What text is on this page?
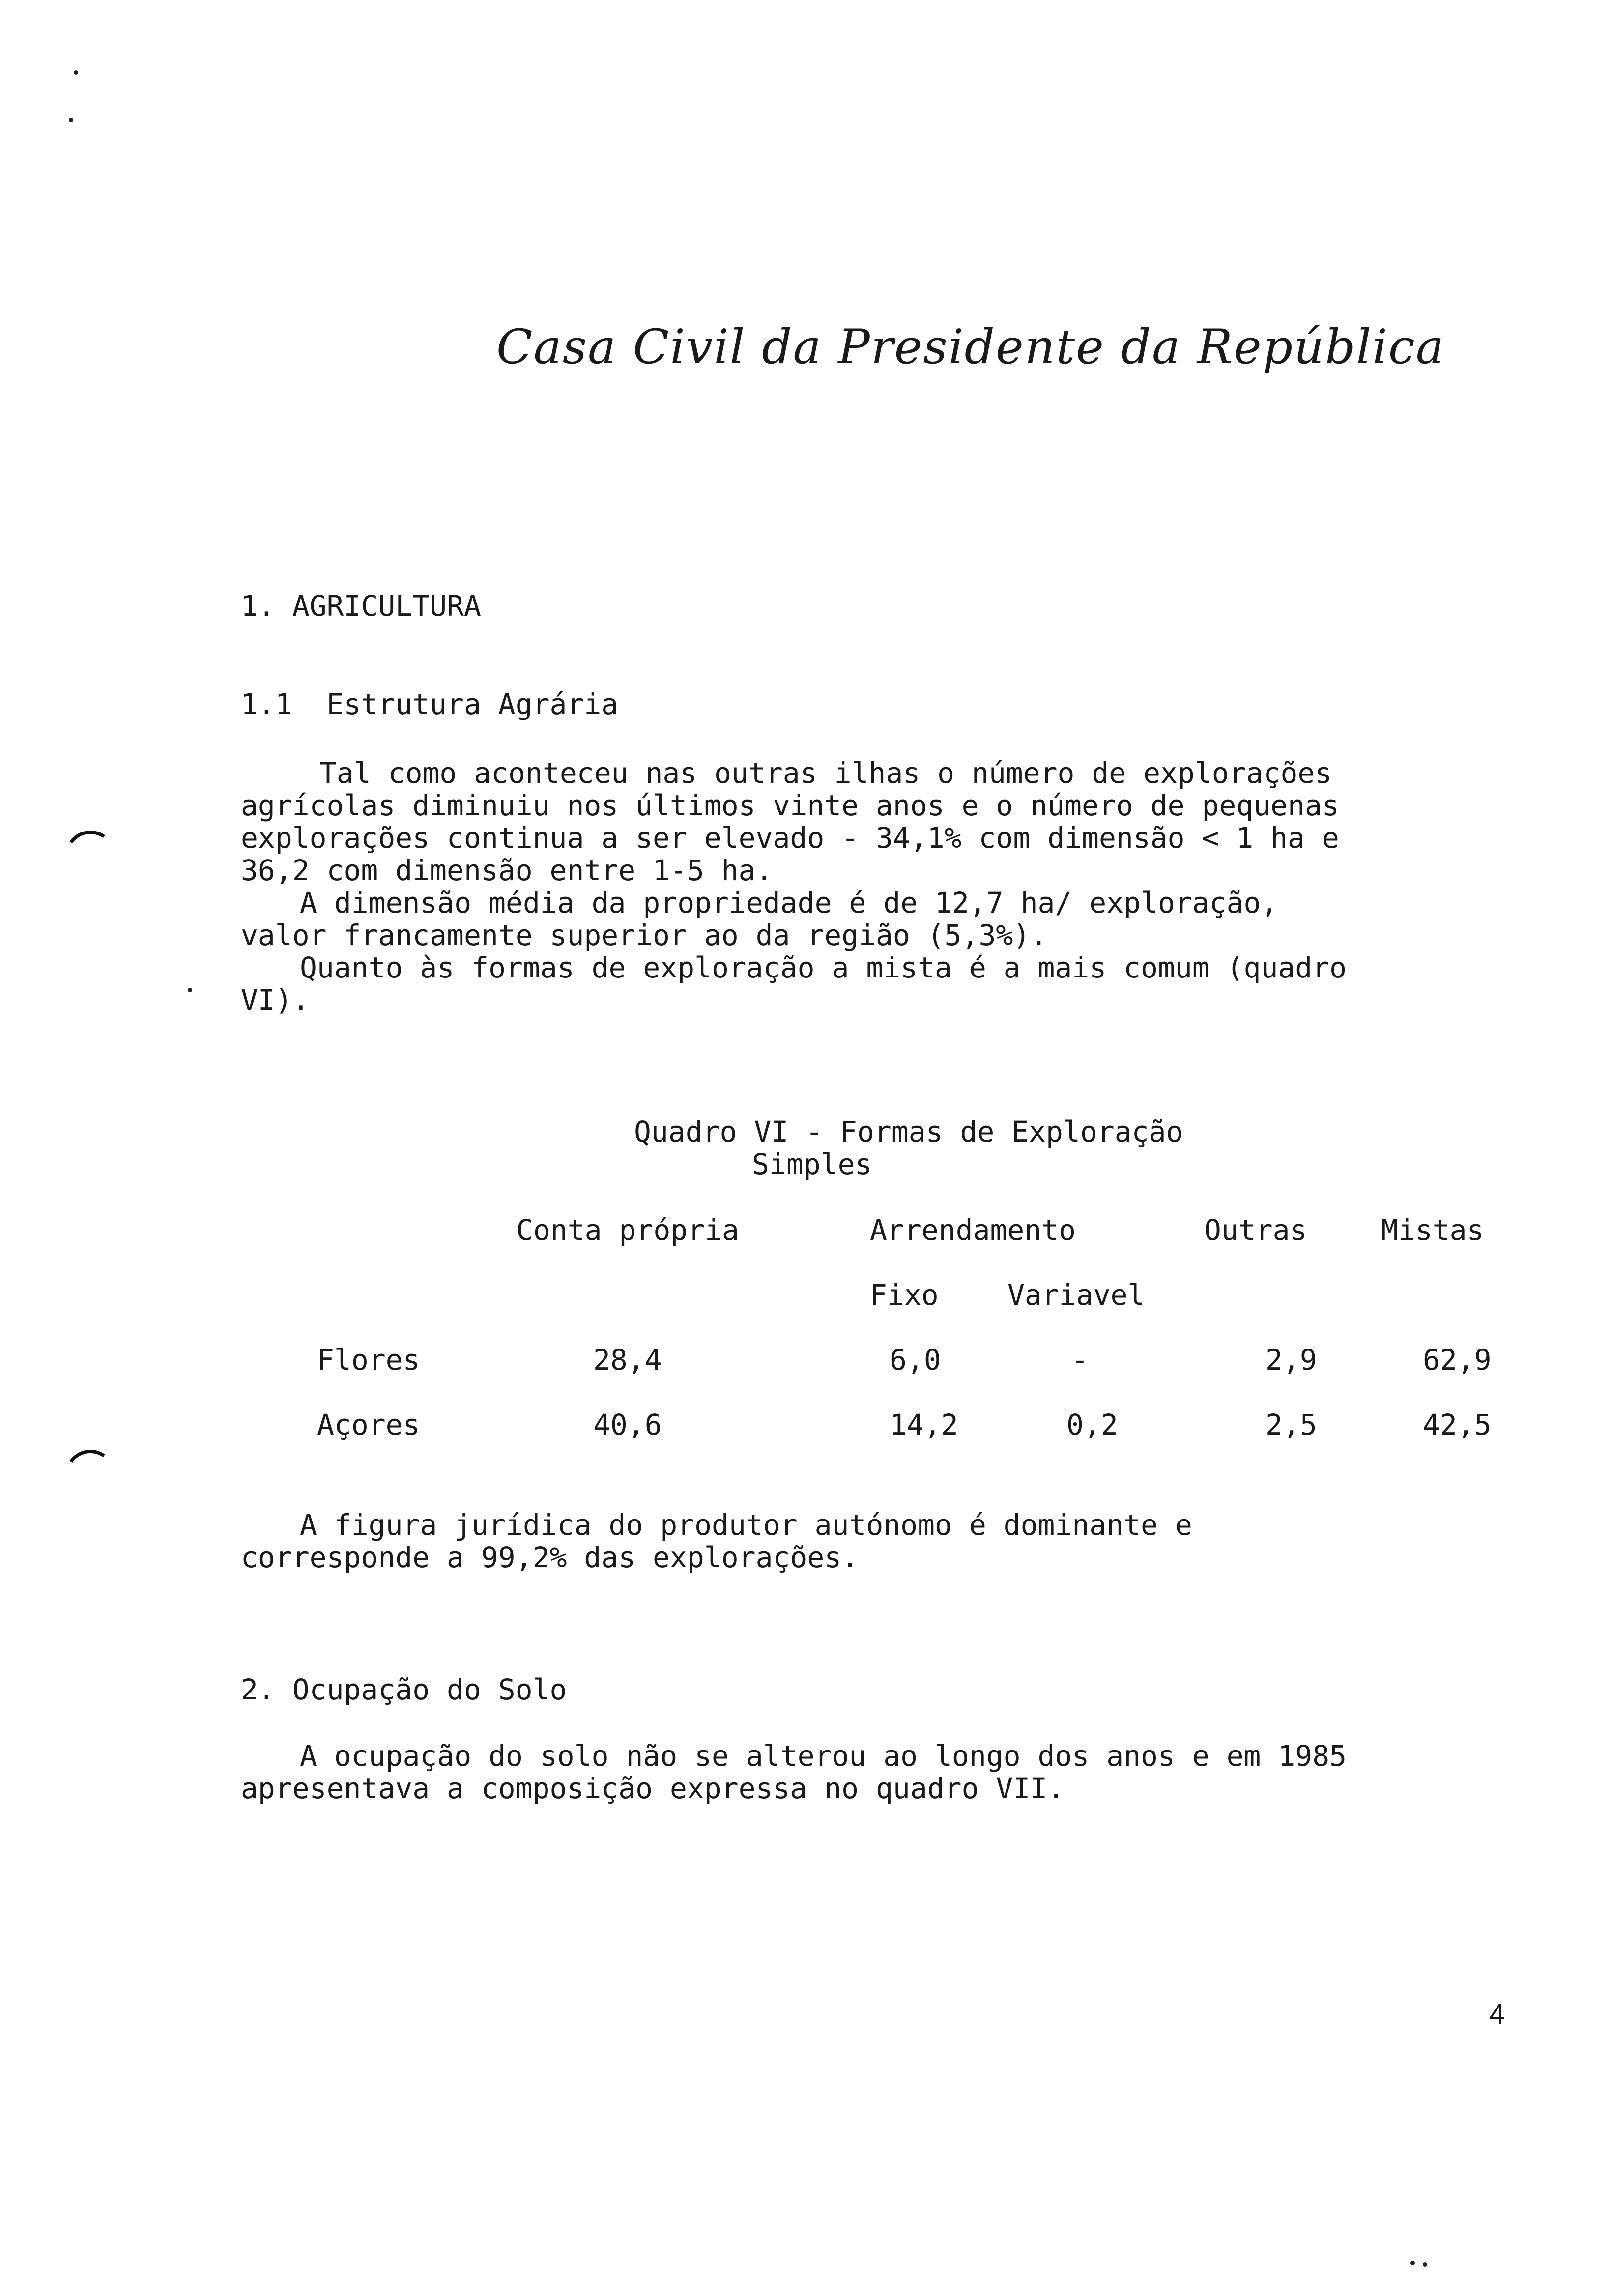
Casa Civil da Presidente da República
1. AGRICULTURA
1.1  Estrutura Agrária

Tal como aconteceu nas outras ilhas o número de explorações

agrícolas diminuiu nos últimos vinte anos e o número de pequenas

explorações continua a ser elevado - 34,1% com dimensão < 1 ha e

36,2 com dimensão entre 1-5 ha.

A dimensão média da propriedade é de 12,7 ha/ exploração,

valor francamente superior ao da região (5,3%).

Quanto às formas de exploração a mista é a mais comum (quadro

VI).

Quadro VI - Formas de Exploração
Simples
Conta própria	Arrendamento	Outras	Mistas
Fixo Variavel
Flores	28,4	6,0	-	2,9	62,9
Açores	40,6	14,2	0,2	2,5	42,5

A figura jurídica do produtor autónomo é dominante e

corresponde a 99,2% das explorações.

2. Ocupação do Solo

A ocupação do solo não se alterou ao longo dos anos e em 1985

apresentava a composição expressa no quadro VII.

4
